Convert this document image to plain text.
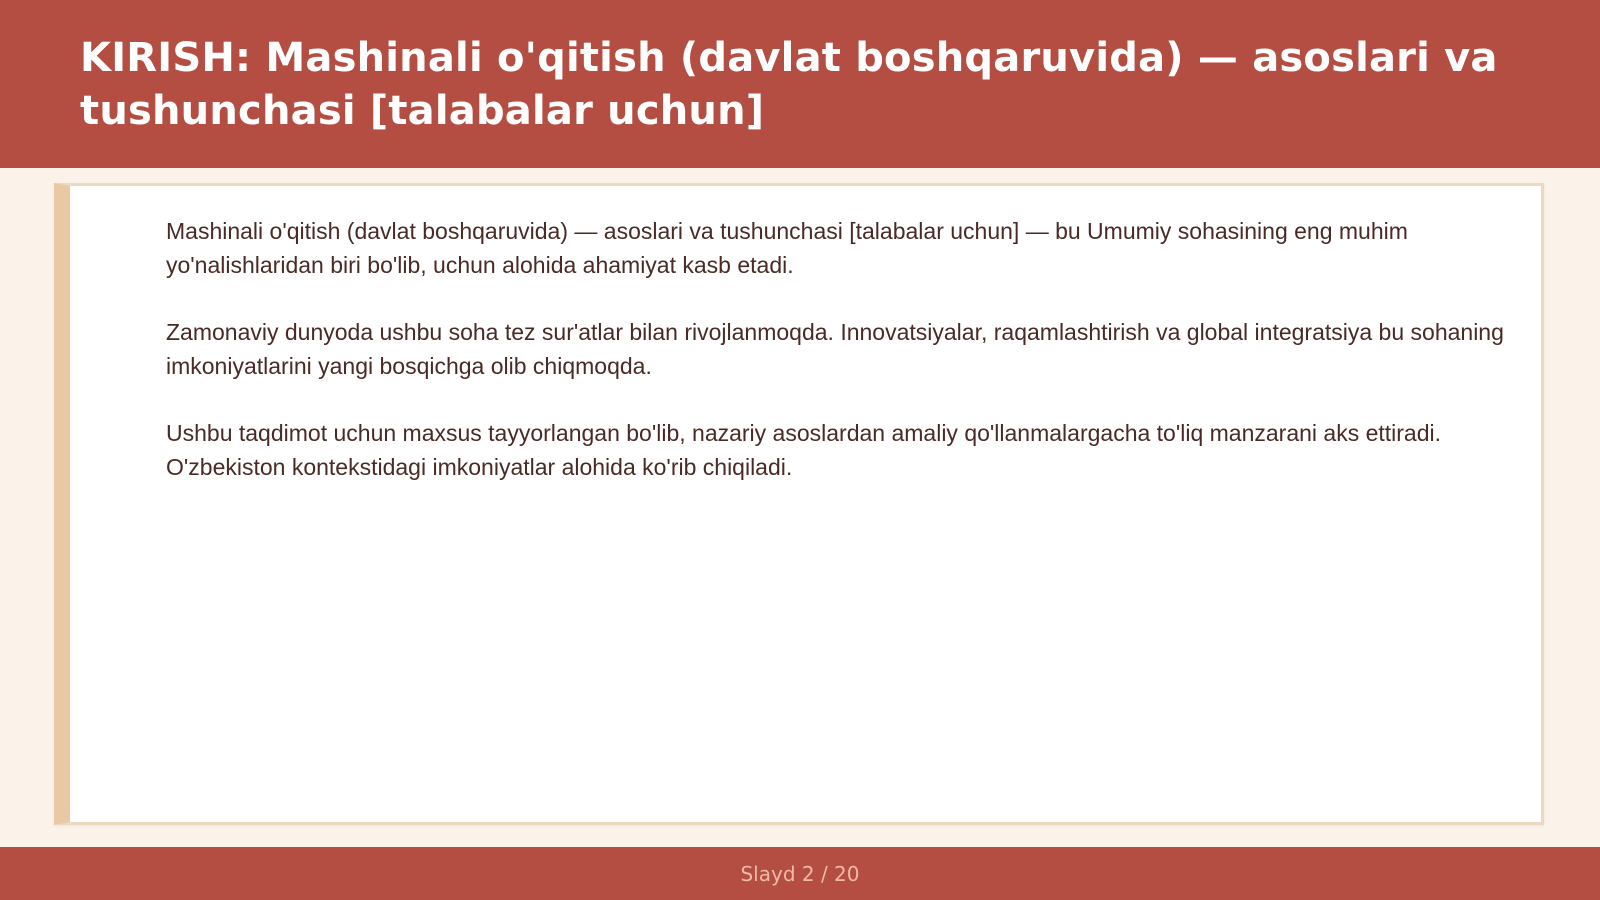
KIRISH: Mashinali o'qitish (davlat boshqaruvida) — asoslari va tushunchasi [talabalar uchun]

Mashinali o'qitish (davlat boshqaruvida) — asoslari va tushunchasi [talabalar uchun] — bu Umumiy sohasining eng muhim yo'nalishlaridan biri bo'lib, uchun alohida ahamiyat kasb etadi.

Zamonaviy dunyoda ushbu soha tez sur'atlar bilan rivojlanmoqda. Innovatsiyalar, raqamlashtirish va global integratsiya bu sohaning imkoniyatlarini yangi bosqichga olib chiqmoqda.

Ushbu taqdimot uchun maxsus tayyorlangan bo'lib, nazariy asoslardan amaliy qo'llanmalargacha to'liq manzarani aks ettiradi. O'zbekiston kontekstidagi imkoniyatlar alohida ko'rib chiqiladi.

Slayd 2 / 20
